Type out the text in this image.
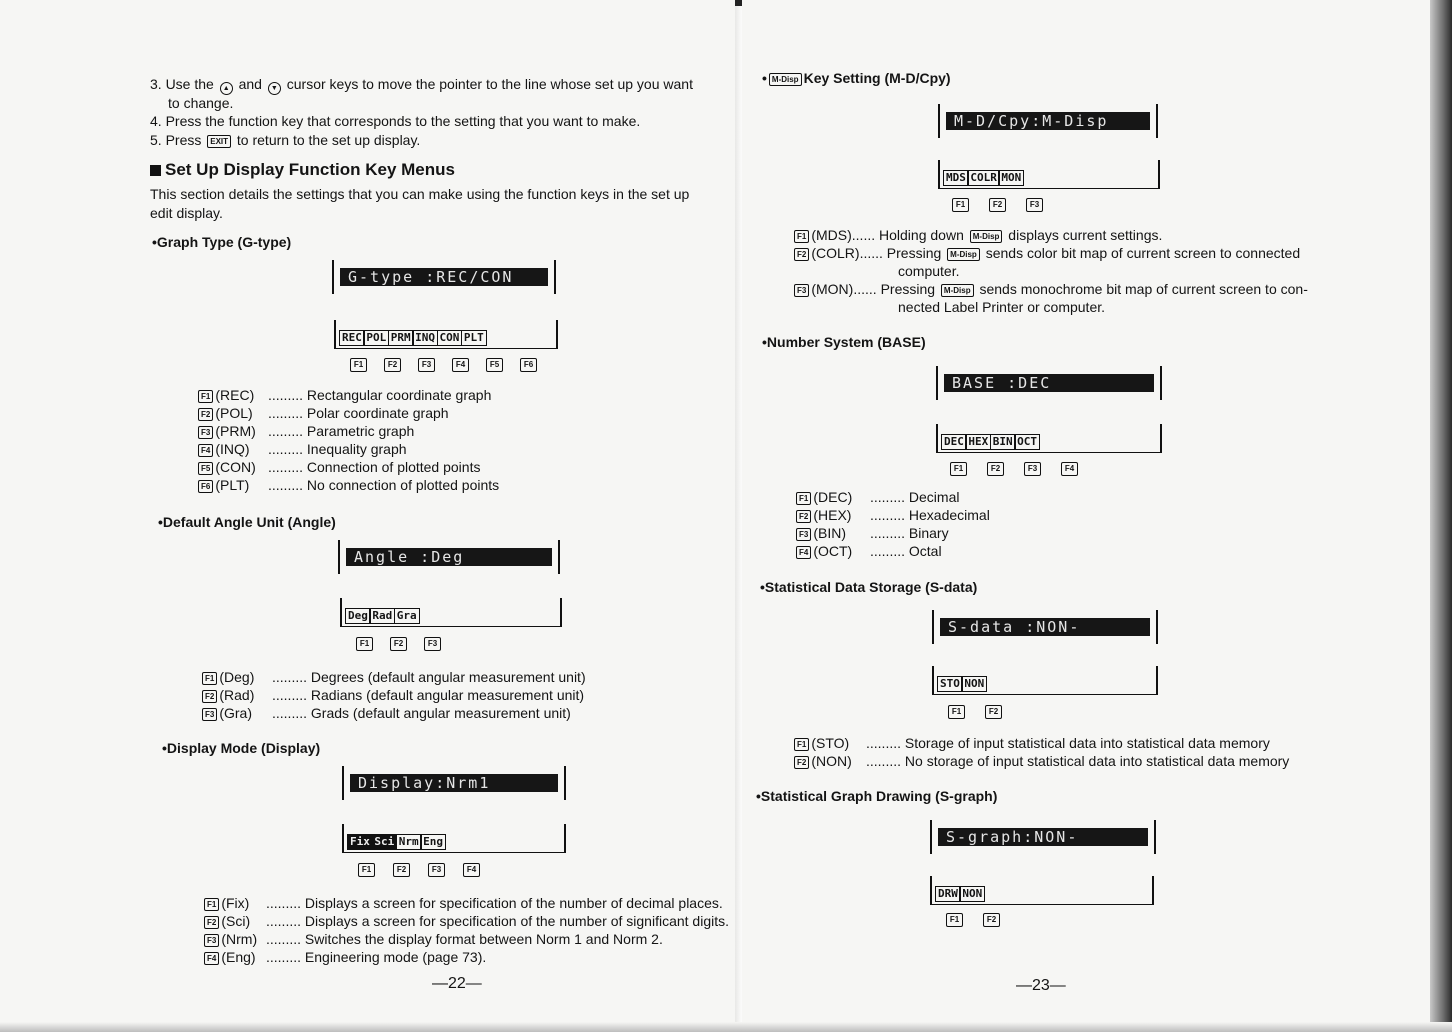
3. Use the ▲ and ▼ cursor keys to move the pointer to the line whose set up you want
to change.
4. Press the function key that corresponds to the setting that you want to make.
5. Press EXIT to return to the set up display.
Set Up Display Function Key Menus
This section details the settings that you can make using the function keys in the set up
edit display.
•Graph Type (G-type)
G-type :REC/CON
REC POL PRM INQ CON PLT
F1	F2	F3	F4	F5	F6
F1 (REC) ......... Rectangular coordinate graph
F2 (POL) ......... Polar coordinate graph
F3 (PRM) ......... Parametric graph
F4 (INQ) ......... Inequality graph
F5 (CON) ......... Connection of plotted points
F6 (PLT) ......... No connection of plotted points
•Default Angle Unit (Angle)
Angle :Deg
Deg Rad Gra
F1	F2	F3
F1 (Deg) ......... Degrees (default angular measurement unit)
F2 (Rad) ......... Radians (default angular measurement unit)
F3 (Gra) ......... Grads (default angular measurement unit)
•Display Mode (Display)
Display:Nrm1
Fix Sci Nrm Eng
F1	F2	F3	F4
F1 (Fix) ......... Displays a screen for specification of the number of decimal places.
F2 (Sci) ......... Displays a screen for specification of the number of significant digits.
F3 (Nrm) ......... Switches the display format between Norm 1 and Norm 2.
F4 (Eng) ......... Engineering mode (page 73).
—22—
• M-Disp Key Setting (M-D/Cpy)
M-D/Cpy:M-Disp
MDS COLR MON
F1	F2	F3
F1 (MDS)...... Holding down M-Disp displays current settings.
F2 (COLR)...... Pressing M-Disp sends color bit map of current screen to connected
computer.
F3 (MON)...... Pressing M-Disp sends monochrome bit map of current screen to con-
nected Label Printer or computer.
•Number System (BASE)
BASE :DEC
DEC HEX BIN OCT
F1	F2	F3	F4
F1 (DEC) ......... Decimal
F2 (HEX) ......... Hexadecimal
F3 (BIN) ......... Binary
F4 (OCT) ......... Octal
•Statistical Data Storage (S-data)
S-data :NON-
STO NON
F1	F2
F1 (STO) ......... Storage of input statistical data into statistical data memory
F2 (NON) ......... No storage of input statistical data into statistical data memory
•Statistical Graph Drawing (S-graph)
S-graph:NON-
DRW NON
F1	F2
—23—
